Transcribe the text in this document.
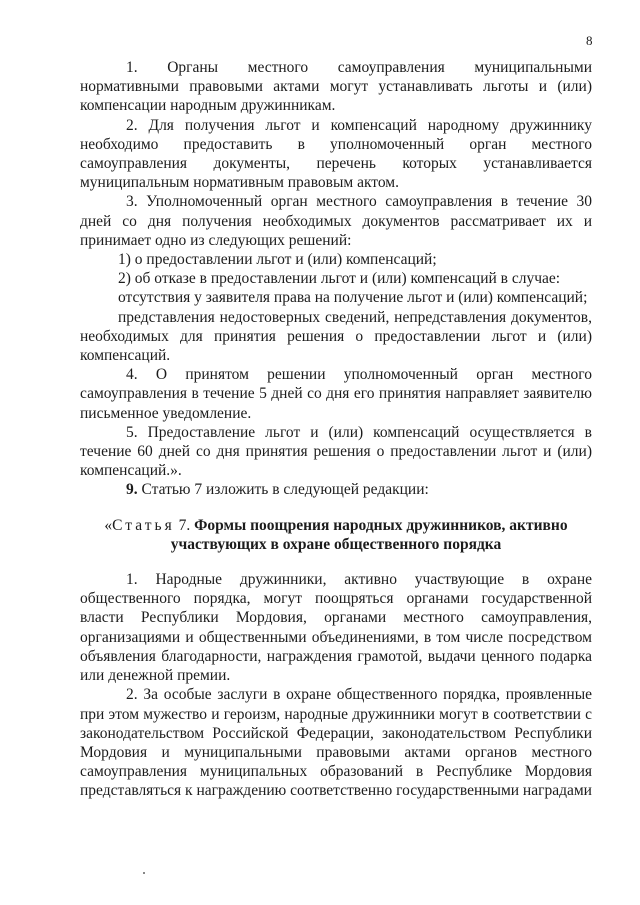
8

1. Органы местного самоуправления муниципальными нормативными правовыми актами могут устанавливать льготы и (или) компенсации народным дружинникам.

2. Для получения льгот и компенсаций народному дружиннику необходимо предоставить в уполномоченный орган местного самоуправления документы, перечень которых устанавливается муниципальным нормативным правовым актом.

3. Уполномоченный орган местного самоуправления в течение 30 дней со дня получения необходимых документов рассматривает их и принимает одно из следующих решений:

1) о предоставлении льгот и (или) компенсаций;

2) об отказе в предоставлении льгот и (или) компенсаций в случае:

отсутствия у заявителя права на получение льгот и (или) компенсаций;

представления недостоверных сведений, непредставления документов, необходимых для принятия решения о предоставлении льгот и (или) компенсаций.

4. О принятом решении уполномоченный орган местного самоуправления в течение 5 дней со дня его принятия направляет заявителю письменное уведомление.

5. Предоставление льгот и (или) компенсаций осуществляется в течение 60 дней со дня принятия решения о предоставлении льгот и (или) компенсаций.».

9. Статью 7 изложить в следующей редакции:

«Статья 7. Формы поощрения народных дружинников, активно участвующих в охране общественного порядка

1. Народные дружинники, активно участвующие в охране общественного порядка, могут поощряться органами государственной власти Республики Мордовия, органами местного самоуправления, организациями и общественными объединениями, в том числе посредством объявления благодарности, награждения грамотой, выдачи ценного подарка или денежной премии.

2. За особые заслуги в охране общественного порядка, проявленные при этом мужество и героизм, народные дружинники могут в соответствии с законодательством Российской Федерации, законодательством Республики Мордовия и муниципальными правовыми актами органов местного самоуправления муниципальных образований в Республике Мордовия представляться к награждению соответственно государственными наградами
